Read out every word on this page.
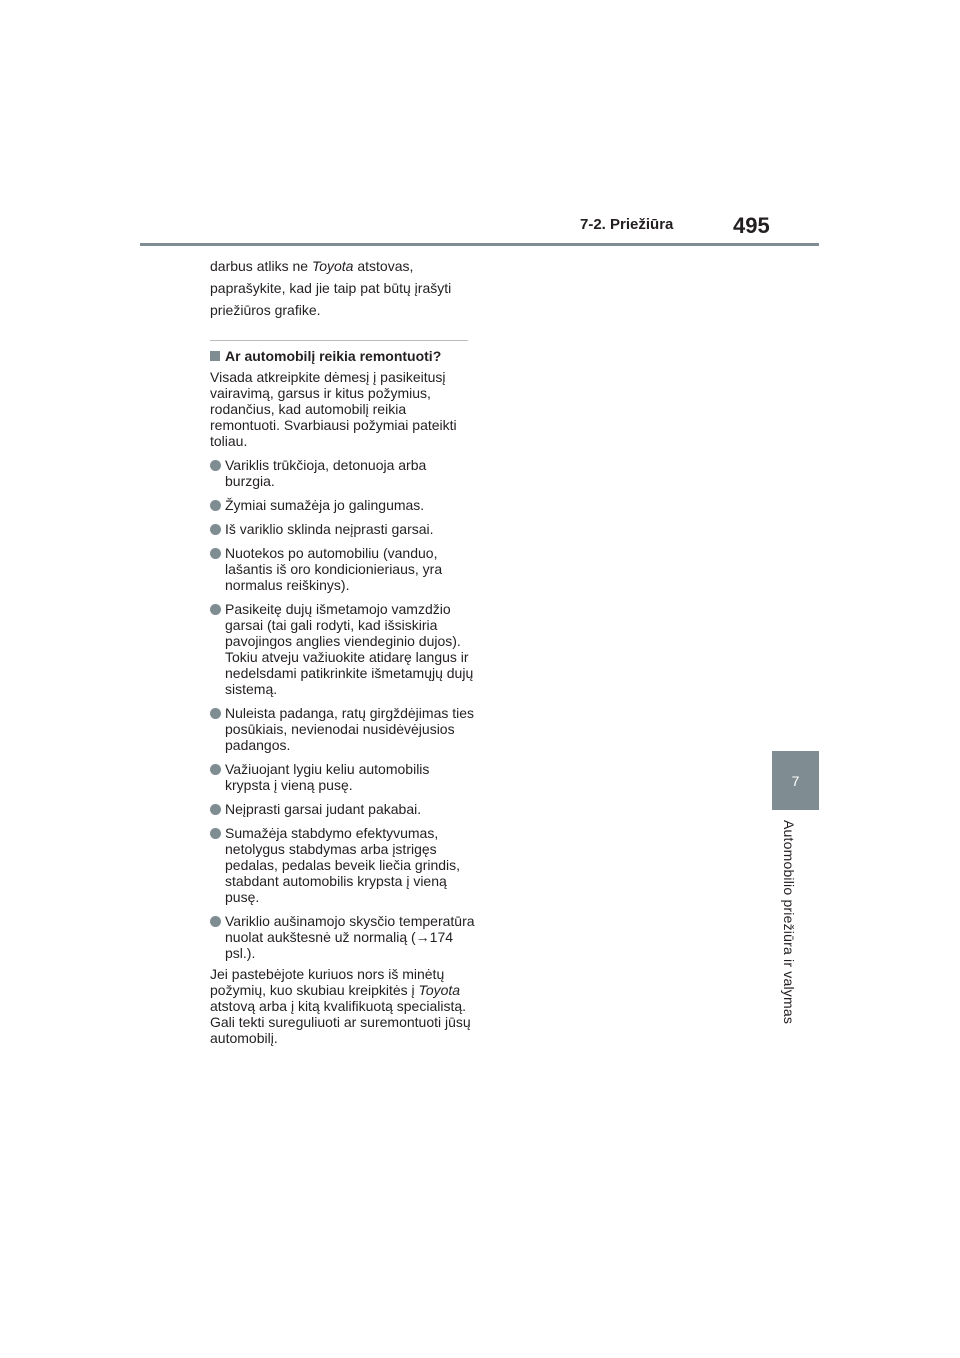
7-2. Priežiūra	495
7
Automobilio priežiūra ir valymas

darbus atliks ne Toyota atstovas, paprašykite, kad jie taip pat būtų įrašyti priežiūros grafike.

Ar automobilį reikia remontuoti?

Visada atkreipkite dėmesį į pasikeitusį vairavimą, garsus ir kitus požymius, rodančius, kad automobilį reikia remontuoti. Svarbiausi požymiai pateikti toliau.

Variklis trūkčioja, detonuoja arba burzgia.
Žymiai sumažėja jo galingumas.
Iš variklio sklinda neįprasti garsai.
Nuotekos po automobiliu (vanduo, lašantis iš oro kondicionieriaus, yra normalus reiškinys).
Pasikeitę dujų išmetamojo vamzdžio garsai (tai gali rodyti, kad išsiskiria pavojingos anglies viendeginio dujos). Tokiu atveju važiuokite atidarę langus ir nedelsdami patikrinkite išmetamųjų dujų sistemą.
Nuleista padanga, ratų girgždėjimas ties posūkiais, nevienodai nusidėvėjusios padangos.
Važiuojant lygiu keliu automobilis krypsta į vieną pusę.
Neįprasti garsai judant pakabai.
Sumažėja stabdymo efektyvumas, netolygus stabdymas arba įstrigęs pedalas, pedalas beveik liečia grindis, stabdant automobilis krypsta į vieną pusę.
Variklio aušinamojo skysčio temperatūra nuolat aukštesnė už normalią (→174 psl.).

Jei pastebėjote kuriuos nors iš minėtų požymių, kuo skubiau kreipkitės į Toyota atstovą arba į kitą kvalifikuotą specialistą.
Gali tekti sureguliuoti ar suremontuoti jūsų automobilį.
